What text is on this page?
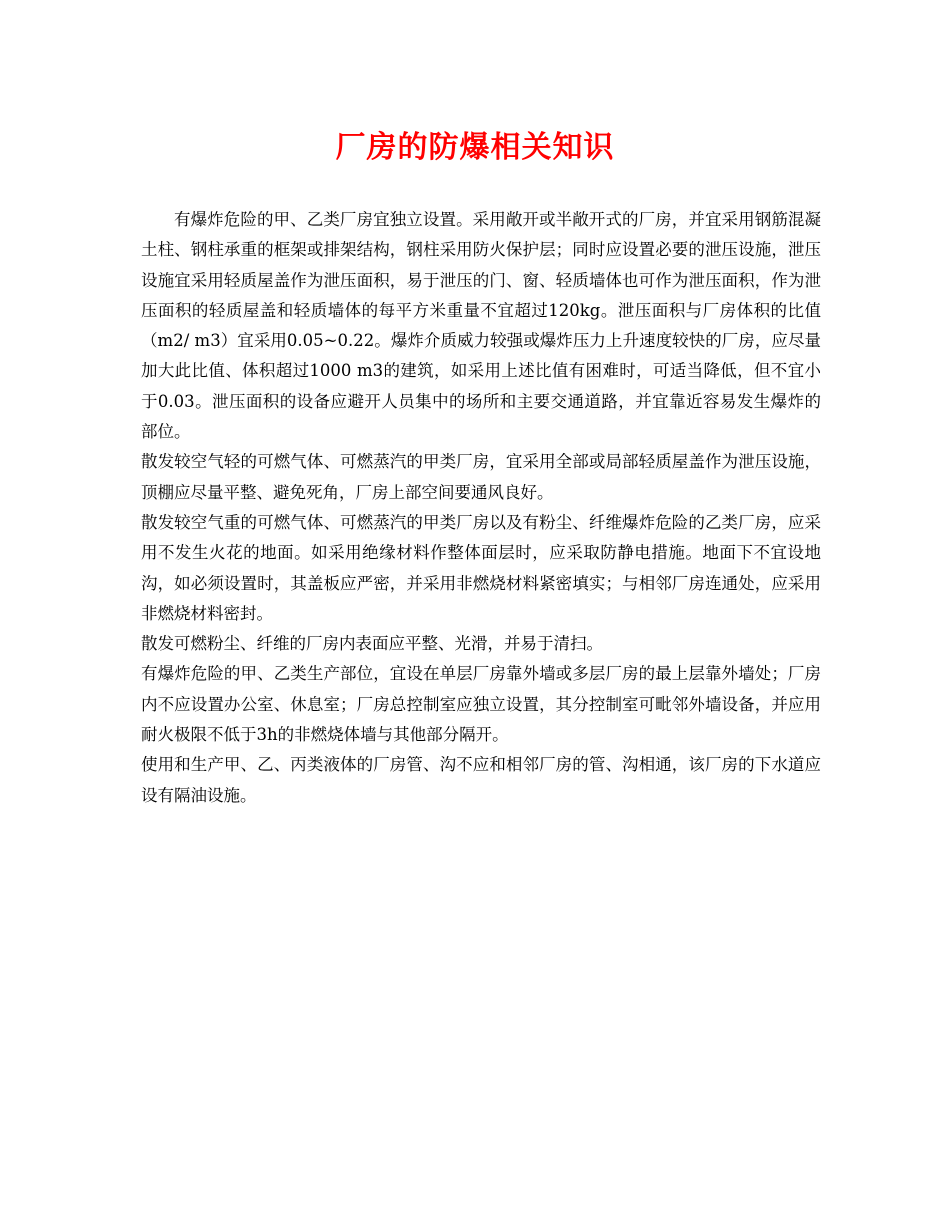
厂房的防爆相关知识

有爆炸危险的甲、乙类厂房宜独立设置。采用敞开或半敞开式的厂房，并宜采用钢筋混凝土柱、钢柱承重的框架或排架结构，钢柱采用防火保护层；同时应设置必要的泄压设施，泄压设施宜采用轻质屋盖作为泄压面积，易于泄压的门、窗、轻质墙体也可作为泄压面积，作为泄压面积的轻质屋盖和轻质墙体的每平方米重量不宜超过120kg。泄压面积与厂房体积的比值（m2/ m3）宜采用0.05~0.22。爆炸介质威力较强或爆炸压力上升速度较快的厂房，应尽量加大此比值、体积超过1000 m3的建筑，如采用上述比值有困难时，可适当降低，但不宜小于0.03。泄压面积的设备应避开人员集中的场所和主要交通道路，并宜靠近容易发生爆炸的部位。

散发较空气轻的可燃气体、可燃蒸汽的甲类厂房，宜采用全部或局部轻质屋盖作为泄压设施，顶棚应尽量平整、避免死角，厂房上部空间要通风良好。

散发较空气重的可燃气体、可燃蒸汽的甲类厂房以及有粉尘、纤维爆炸危险的乙类厂房，应采用不发生火花的地面。如采用绝缘材料作整体面层时，应采取防静电措施。地面下不宜设地沟，如必须设置时，其盖板应严密，并采用非燃烧材料紧密填实；与相邻厂房连通处，应采用非燃烧材料密封。

散发可燃粉尘、纤维的厂房内表面应平整、光滑，并易于清扫。

有爆炸危险的甲、乙类生产部位，宜设在单层厂房靠外墙或多层厂房的最上层靠外墙处；厂房内不应设置办公室、休息室；厂房总控制室应独立设置，其分控制室可毗邻外墙设备，并应用耐火极限不低于3h的非燃烧体墙与其他部分隔开。

使用和生产甲、乙、丙类液体的厂房管、沟不应和相邻厂房的管、沟相通，该厂房的下水道应设有隔油设施。
